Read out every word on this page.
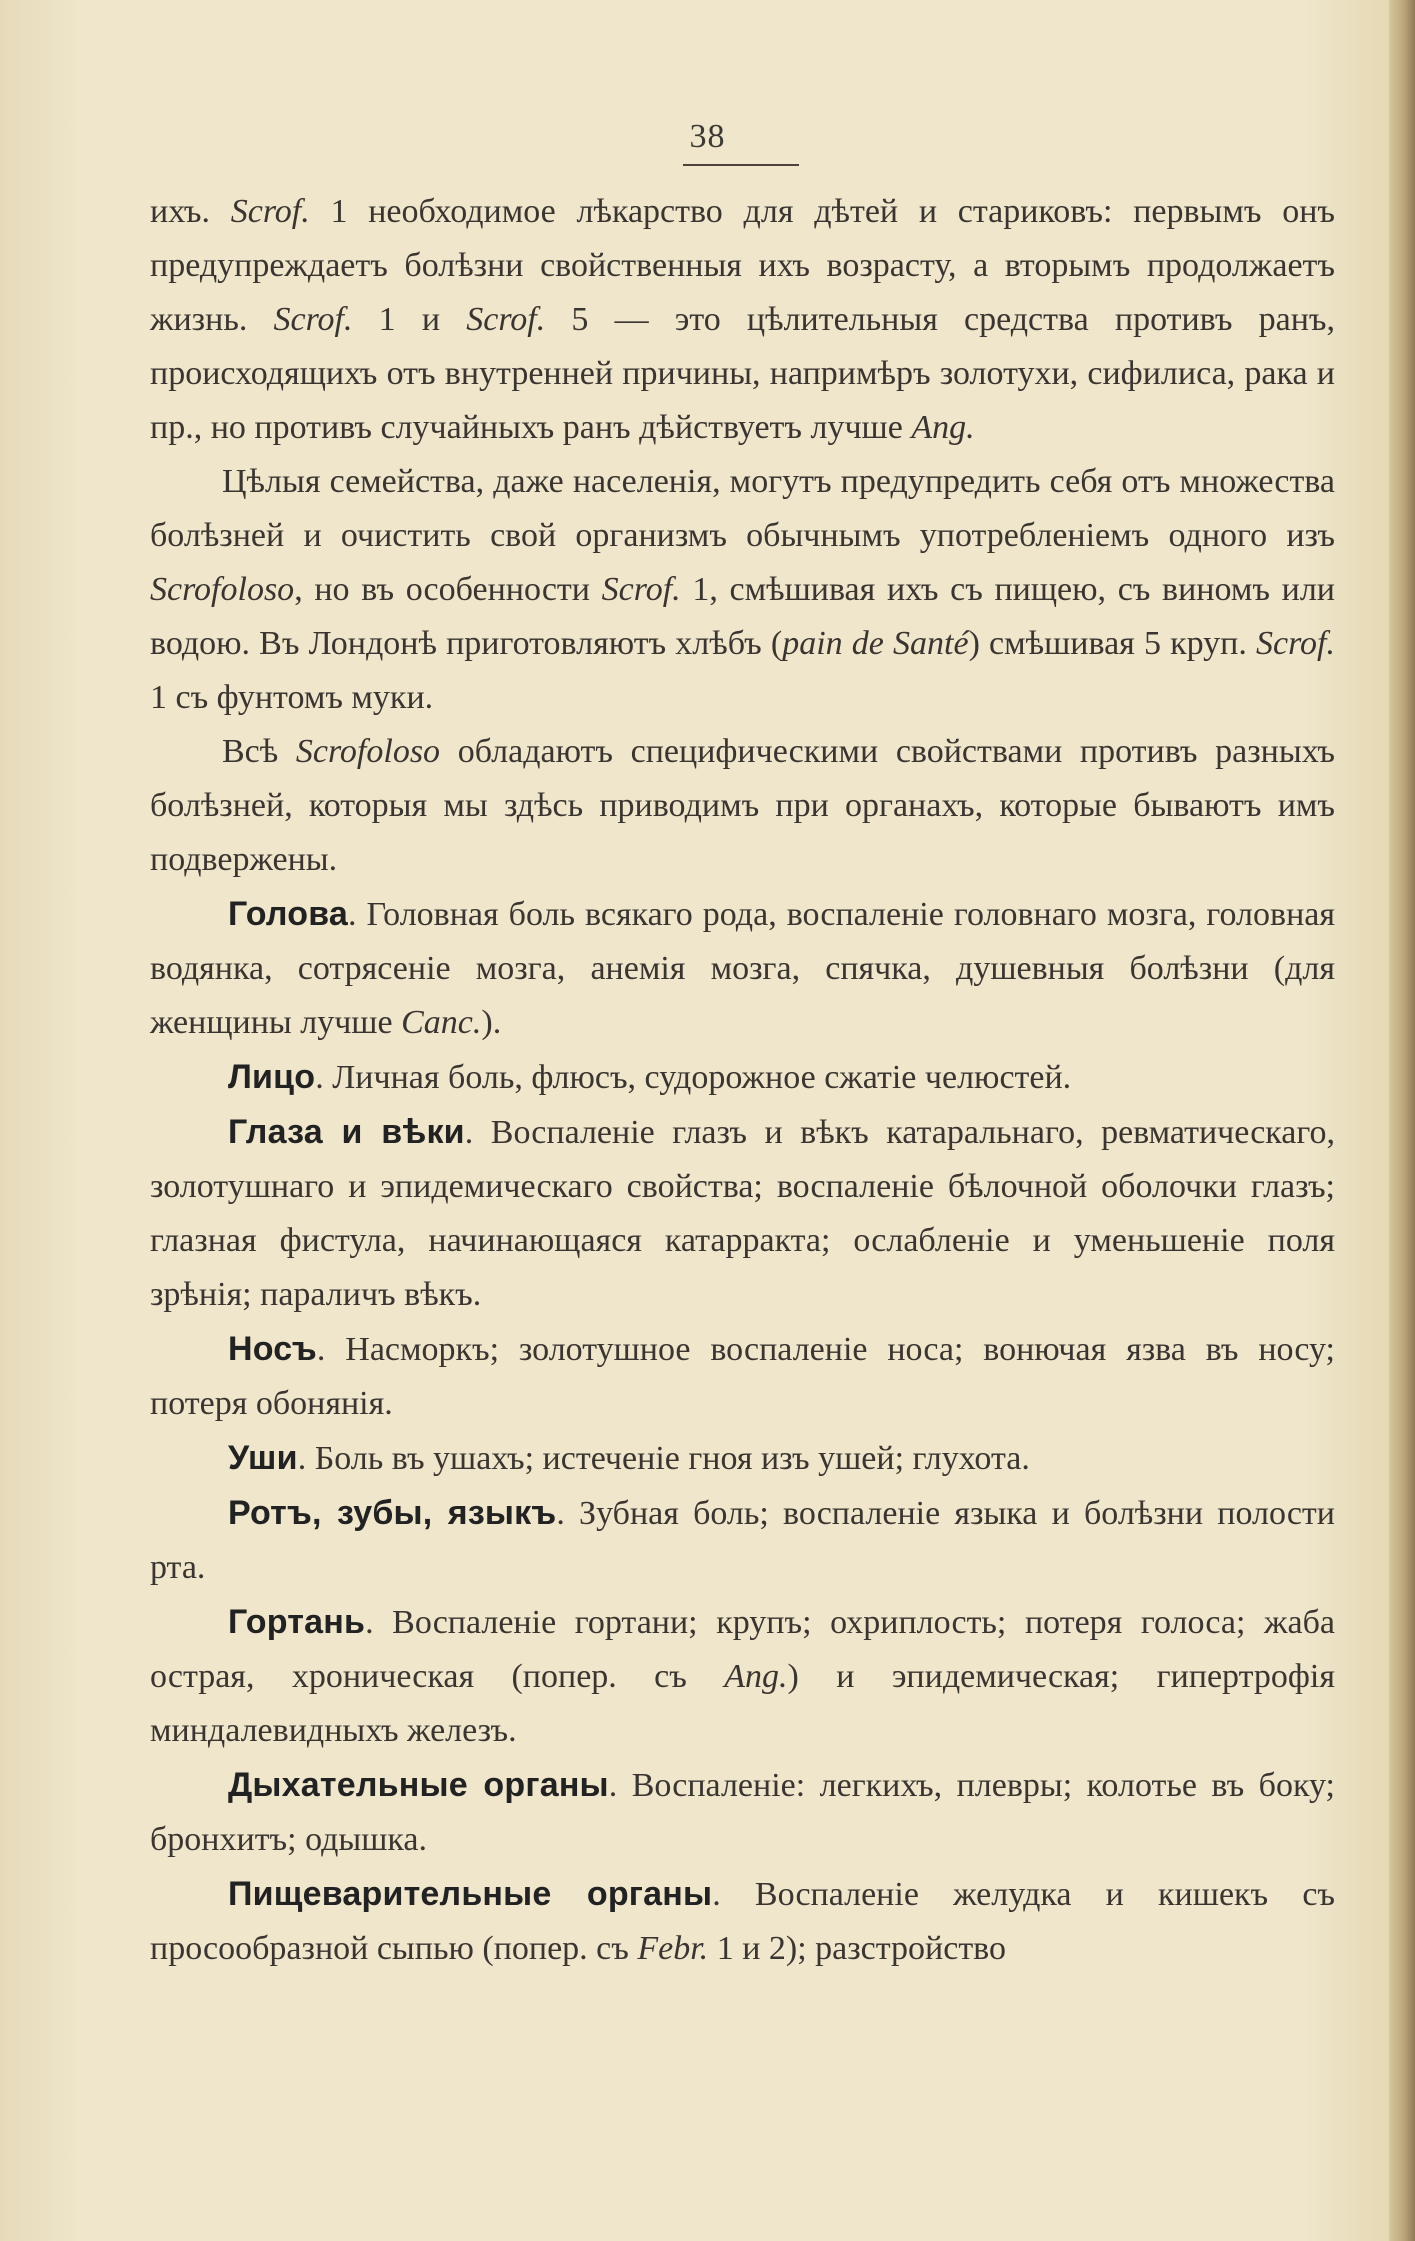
38

ихъ. Scrof. 1 необходимое лѣкарство для дѣтей и стариковъ: первымъ онъ предупреждаетъ болѣзни свойственныя ихъ возрасту, а вторымъ продолжаетъ жизнь. Scrof. 1 и Scrof. 5 — это цѣлительныя средства противъ ранъ, происходящихъ отъ внутренней причины, напримѣръ золотухи, сифилиса, рака и пр., но противъ случайныхъ ранъ дѣйствуетъ лучше Ang.

Цѣлыя семейства, даже населенія, могутъ предупредить себя отъ множества болѣзней и очистить свой организмъ обычнымъ употребленіемъ одного изъ Scrofoloso, но въ особенности Scrof. 1, смѣшивая ихъ съ пищею, съ виномъ или водою. Въ Лондонѣ приготовляютъ хлѣбъ (pain de Santé) смѣшивая 5 круп. Scrof. 1 съ фунтомъ муки.

Всѣ Scrofoloso обладаютъ специфическими свойствами противъ разныхъ болѣзней, которыя мы здѣсь приводимъ при органахъ, которые бываютъ имъ подвержены.

Голова. Головная боль всякаго рода, воспаленіе головнаго мозга, головная водянка, сотрясеніе мозга, анемія мозга, спячка, душевныя болѣзни (для женщины лучше Canc.).

Лицо. Личная боль, флюсъ, судорожное сжатіе челюстей.

Глаза и вѣки. Воспаленіе глазъ и вѣкъ катаральнаго, ревматическаго, золотушнаго и эпидемическаго свойства; воспаленіе бѣлочной оболочки глазъ; глазная фистула, начинающаяся катарракта; ослабленіе и уменьшеніе поля зрѣнія; параличъ вѣкъ.

Носъ. Насморкъ; золотушное воспаленіе носа; вонючая язва въ носу; потеря обонянія.

Уши. Боль въ ушахъ; истеченіе гноя изъ ушей; глухота.

Ротъ, зубы, языкъ. Зубная боль; воспаленіе языка и болѣзни полости рта.

Гортань. Воспаленіе гортани; крупъ; охриплость; потеря голоса; жаба острая, хроническая (попер. съ Ang.) и эпидемическая; гипертрофія миндалевидныхъ железъ.

Дыхательные органы. Воспаленіе: легкихъ, плевры; колотье въ боку; бронхитъ; одышка.

Пищеварительные органы. Воспаленіе желудка и кишекъ съ просообразной сыпью (попер. съ Febr. 1 и 2); разстройство
